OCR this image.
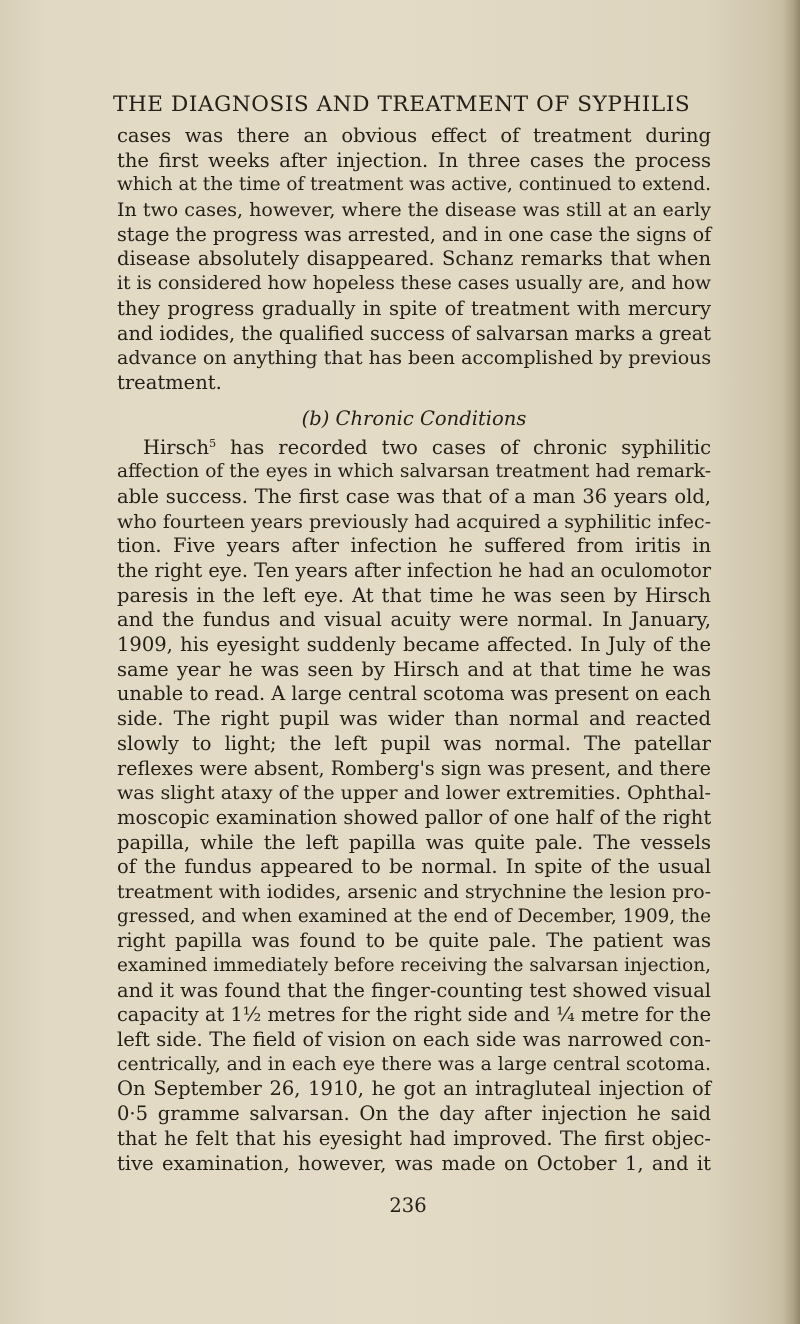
THE DIAGNOSIS AND TREATMENT OF SYPHILIS
cases was there an obvious effect of treatment during
the first weeks after injection. In three cases the process
which at the time of treatment was active, continued to extend.
In two cases, however, where the disease was still at an early
stage the progress was arrested, and in one case the signs of
disease absolutely disappeared. Schanz remarks that when
it is considered how hopeless these cases usually are, and how
they progress gradually in spite of treatment with mercury
and iodides, the qualified success of salvarsan marks a great
advance on anything that has been accomplished by previous
treatment.
(b) Chronic Conditions
Hirsch$^5$ has recorded two cases of chronic syphilitic
affection of the eyes in which salvarsan treatment had remark-
able success. The first case was that of a man 36 years old,
who fourteen years previously had acquired a syphilitic infec-
tion. Five years after infection he suffered from iritis in
the right eye. Ten years after infection he had an oculomotor
paresis in the left eye. At that time he was seen by Hirsch
and the fundus and visual acuity were normal. In January,
1909, his eyesight suddenly became affected. In July of the
same year he was seen by Hirsch and at that time he was
unable to read. A large central scotoma was present on each
side. The right pupil was wider than normal and reacted
slowly to light; the left pupil was normal. The patellar
reflexes were absent, Romberg's sign was present, and there
was slight ataxy of the upper and lower extremities. Ophthal-
moscopic examination showed pallor of one half of the right
papilla, while the left papilla was quite pale. The vessels
of the fundus appeared to be normal. In spite of the usual
treatment with iodides, arsenic and strychnine the lesion pro-
gressed, and when examined at the end of December, 1909, the
right papilla was found to be quite pale. The patient was
examined immediately before receiving the salvarsan injection,
and it was found that the finger-counting test showed visual
capacity at 1½ metres for the right side and ¼ metre for the
left side. The field of vision on each side was narrowed con-
centrically, and in each eye there was a large central scotoma.
On September 26, 1910, he got an intragluteal injection of
0·5 gramme salvarsan. On the day after injection he said
that he felt that his eyesight had improved. The first objec-
tive examination, however, was made on October 1, and it
236
